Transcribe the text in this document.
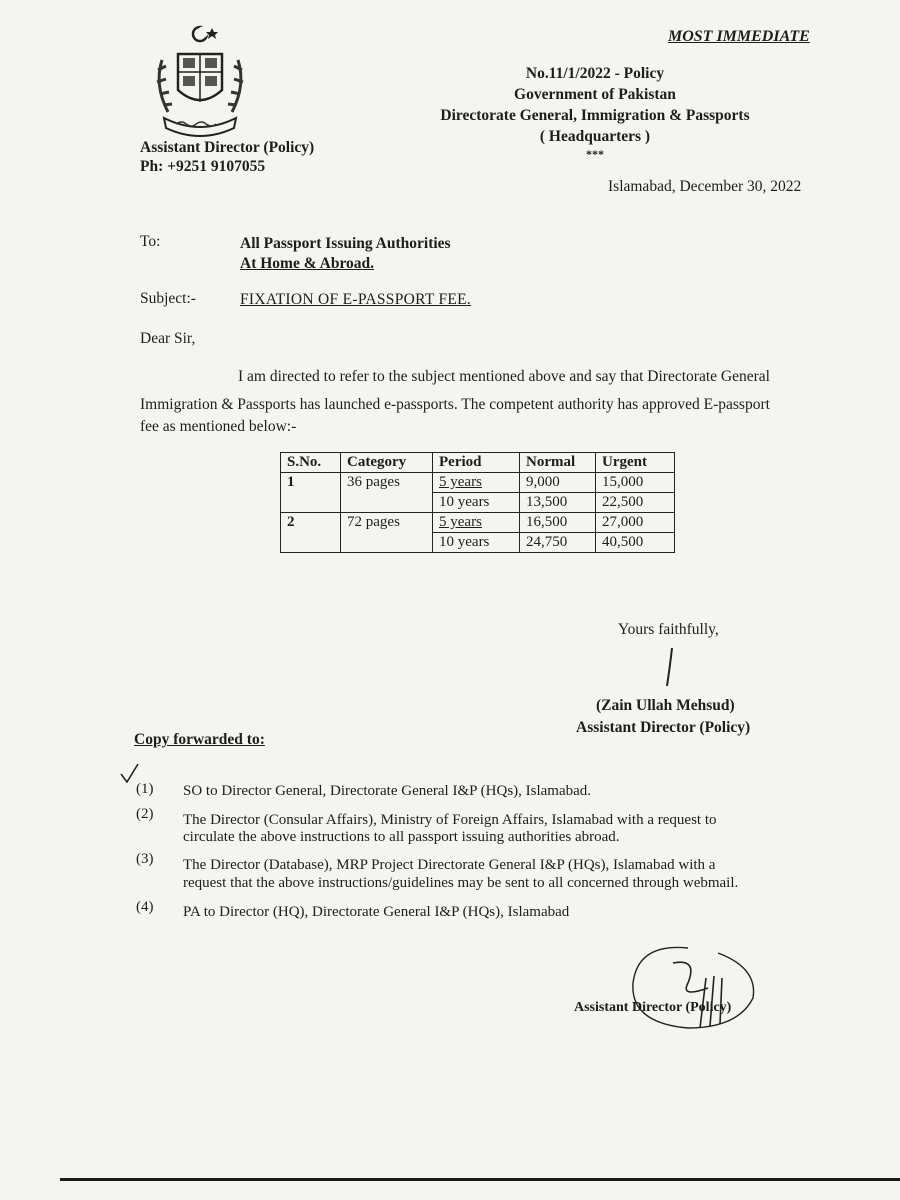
MOST IMMEDIATE
No.11/1/2022 - Policy
Government of Pakistan
Directorate General, Immigration & Passports
( Headquarters )
***
Assistant Director (Policy)
Ph: +9251 9107055
Islamabad, December 30, 2022
To:	All Passport Issuing Authorities
At Home & Abroad.
Subject:-	FIXATION OF E-PASSPORT FEE.
Dear Sir,
I am directed to refer to the subject mentioned above and say that Directorate General
Immigration & Passports has launched e-passports. The competent authority has approved E-passport
fee as mentioned below:-
S.No.	Category	Period	Normal	Urgent
1	36 pages	5 years	9,000	15,000
		10 years	13,500	22,500
2	72 pages	5 years	16,500	27,000
		10 years	24,750	40,500
Yours faithfully,
(Zain Ullah Mehsud)
Assistant Director (Policy)
Copy forwarded to:
(1) SO to Director General, Directorate General I&P (HQs), Islamabad.
(2) The Director (Consular Affairs), Ministry of Foreign Affairs, Islamabad with a request to
circulate the above instructions to all passport issuing authorities abroad.
(3) The Director (Database), MRP Project Directorate General I&P (HQs), Islamabad with a
request that the above instructions/guidelines may be sent to all concerned through webmail.
(4) PA to Director (HQ), Directorate General I&P (HQs), Islamabad
Assistant Director (Policy)
